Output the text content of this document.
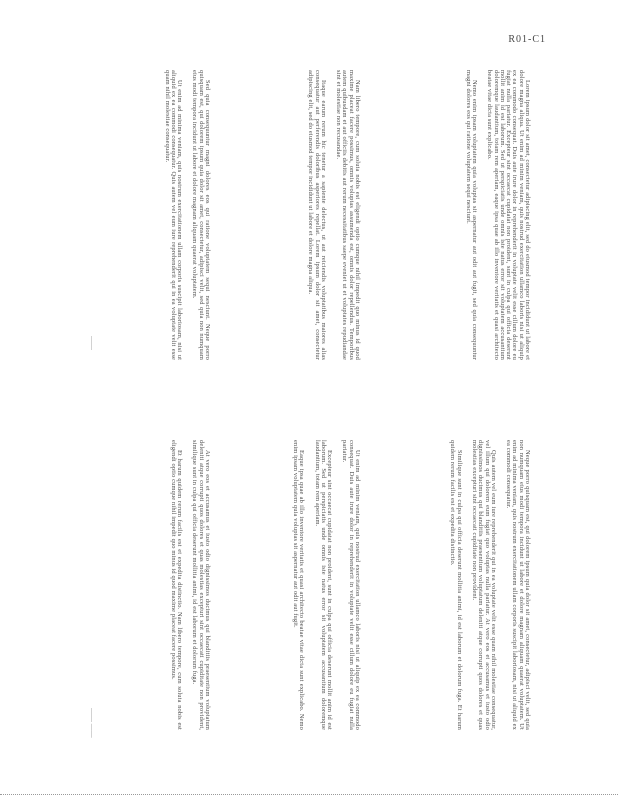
R01-C1
——
—— ——

Lorem ipsum dolor sit amet, consectetur adipiscing elit, sed do eiusmod tempor incididunt ut labore et dolore magna aliqua. Ut enim ad minim veniam, quis nostrud exercitation ullamco laboris nisi ut aliquip ex ea commodo consequat. Duis aute irure dolor in reprehenderit in voluptate velit esse cillum dolore eu fugiat nulla pariatur. Excepteur sint occaecat cupidatat non proident, sunt in culpa qui officia deserunt mollit anim id est laborum. Sed ut perspiciatis unde omnis iste natus error sit voluptatem accusantium doloremque laudantium, totam rem aperiam, eaque ipsa quae ab illo inventore veritatis et quasi architecto beatae vitae dicta sunt explicabo.

Nemo enim ipsam voluptatem quia voluptas sit aspernatur aut odit aut fugit, sed quia consequuntur magni dolores eos qui ratione voluptatem sequi nesciunt.

Neque porro quisquam est, qui dolorem ipsum quia dolor sit amet, consectetur, adipisci velit, sed quia non numquam eius modi tempora incidunt ut labore et dolore magnam aliquam quaerat voluptatem. Ut enim ad minima veniam, quis nostrum exercitationem ullam corporis suscipit laboriosam, nisi ut aliquid ex ea commodi consequatur.

Quis autem vel eum iure reprehenderit qui in ea voluptate velit esse quam nihil molestiae consequatur, vel illum qui dolorem eum fugiat quo voluptas nulla pariatur. At vero eos et accusamus et iusto odio dignissimos ducimus qui blanditiis praesentium voluptatum deleniti atque corrupti quos dolores et quas molestias excepturi sint occaecati cupiditate non provident.

Similique sunt in culpa qui officia deserunt mollitia animi, id est laborum et dolorum fuga. Et harum quidem rerum facilis est et expedita distinctio.

Nam libero tempore, cum soluta nobis est eligendi optio cumque nihil impedit quo minus id quod maxime placeat facere possimus, omnis voluptas assumenda est, omnis dolor repellendus. Temporibus autem quibusdam et aut officiis debitis aut rerum necessitatibus saepe eveniet ut et voluptates repudiandae sint et molestiae non recusandae.

Itaque earum rerum hic tenetur a sapiente delectus, ut aut reiciendis voluptatibus maiores alias consequatur aut perferendis doloribus asperiores repellat. Lorem ipsum dolor sit amet, consectetur adipiscing elit, sed do eiusmod tempor incididunt ut labore et dolore magna aliqua.

Ut enim ad minim veniam, quis nostrud exercitation ullamco laboris nisi ut aliquip ex ea commodo consequat. Duis aute irure dolor in reprehenderit in voluptate velit esse cillum dolore eu fugiat nulla pariatur.

Excepteur sint occaecat cupidatat non proident, sunt in culpa qui officia deserunt mollit anim id est laborum. Sed ut perspiciatis unde omnis iste natus error sit voluptatem accusantium doloremque laudantium, totam rem aperiam.

Eaque ipsa quae ab illo inventore veritatis et quasi architecto beatae vitae dicta sunt explicabo. Nemo enim ipsam voluptatem quia voluptas sit aspernatur aut odit aut fugit.

Sed quia consequuntur magni dolores eos qui ratione voluptatem sequi nesciunt. Neque porro quisquam est, qui dolorem ipsum quia dolor sit amet, consectetur, adipisci velit, sed quia non numquam eius modi tempora incidunt ut labore et dolore magnam aliquam quaerat voluptatem.

Ut enim ad minima veniam, quis nostrum exercitationem ullam corporis suscipit laboriosam, nisi ut aliquid ex ea commodi consequatur. Quis autem vel eum iure reprehenderit qui in ea voluptate velit esse quam nihil molestiae consequatur.

At vero eos et accusamus et iusto odio dignissimos ducimus qui blanditiis praesentium voluptatum deleniti atque corrupti quos dolores et quas molestias excepturi sint occaecati cupiditate non provident, similique sunt in culpa qui officia deserunt mollitia animi, id est laborum et dolorum fuga.

Et harum quidem rerum facilis est et expedita distinctio. Nam libero tempore, cum soluta nobis est eligendi optio cumque nihil impedit quo minus id quod maxime placeat facere possimus.
